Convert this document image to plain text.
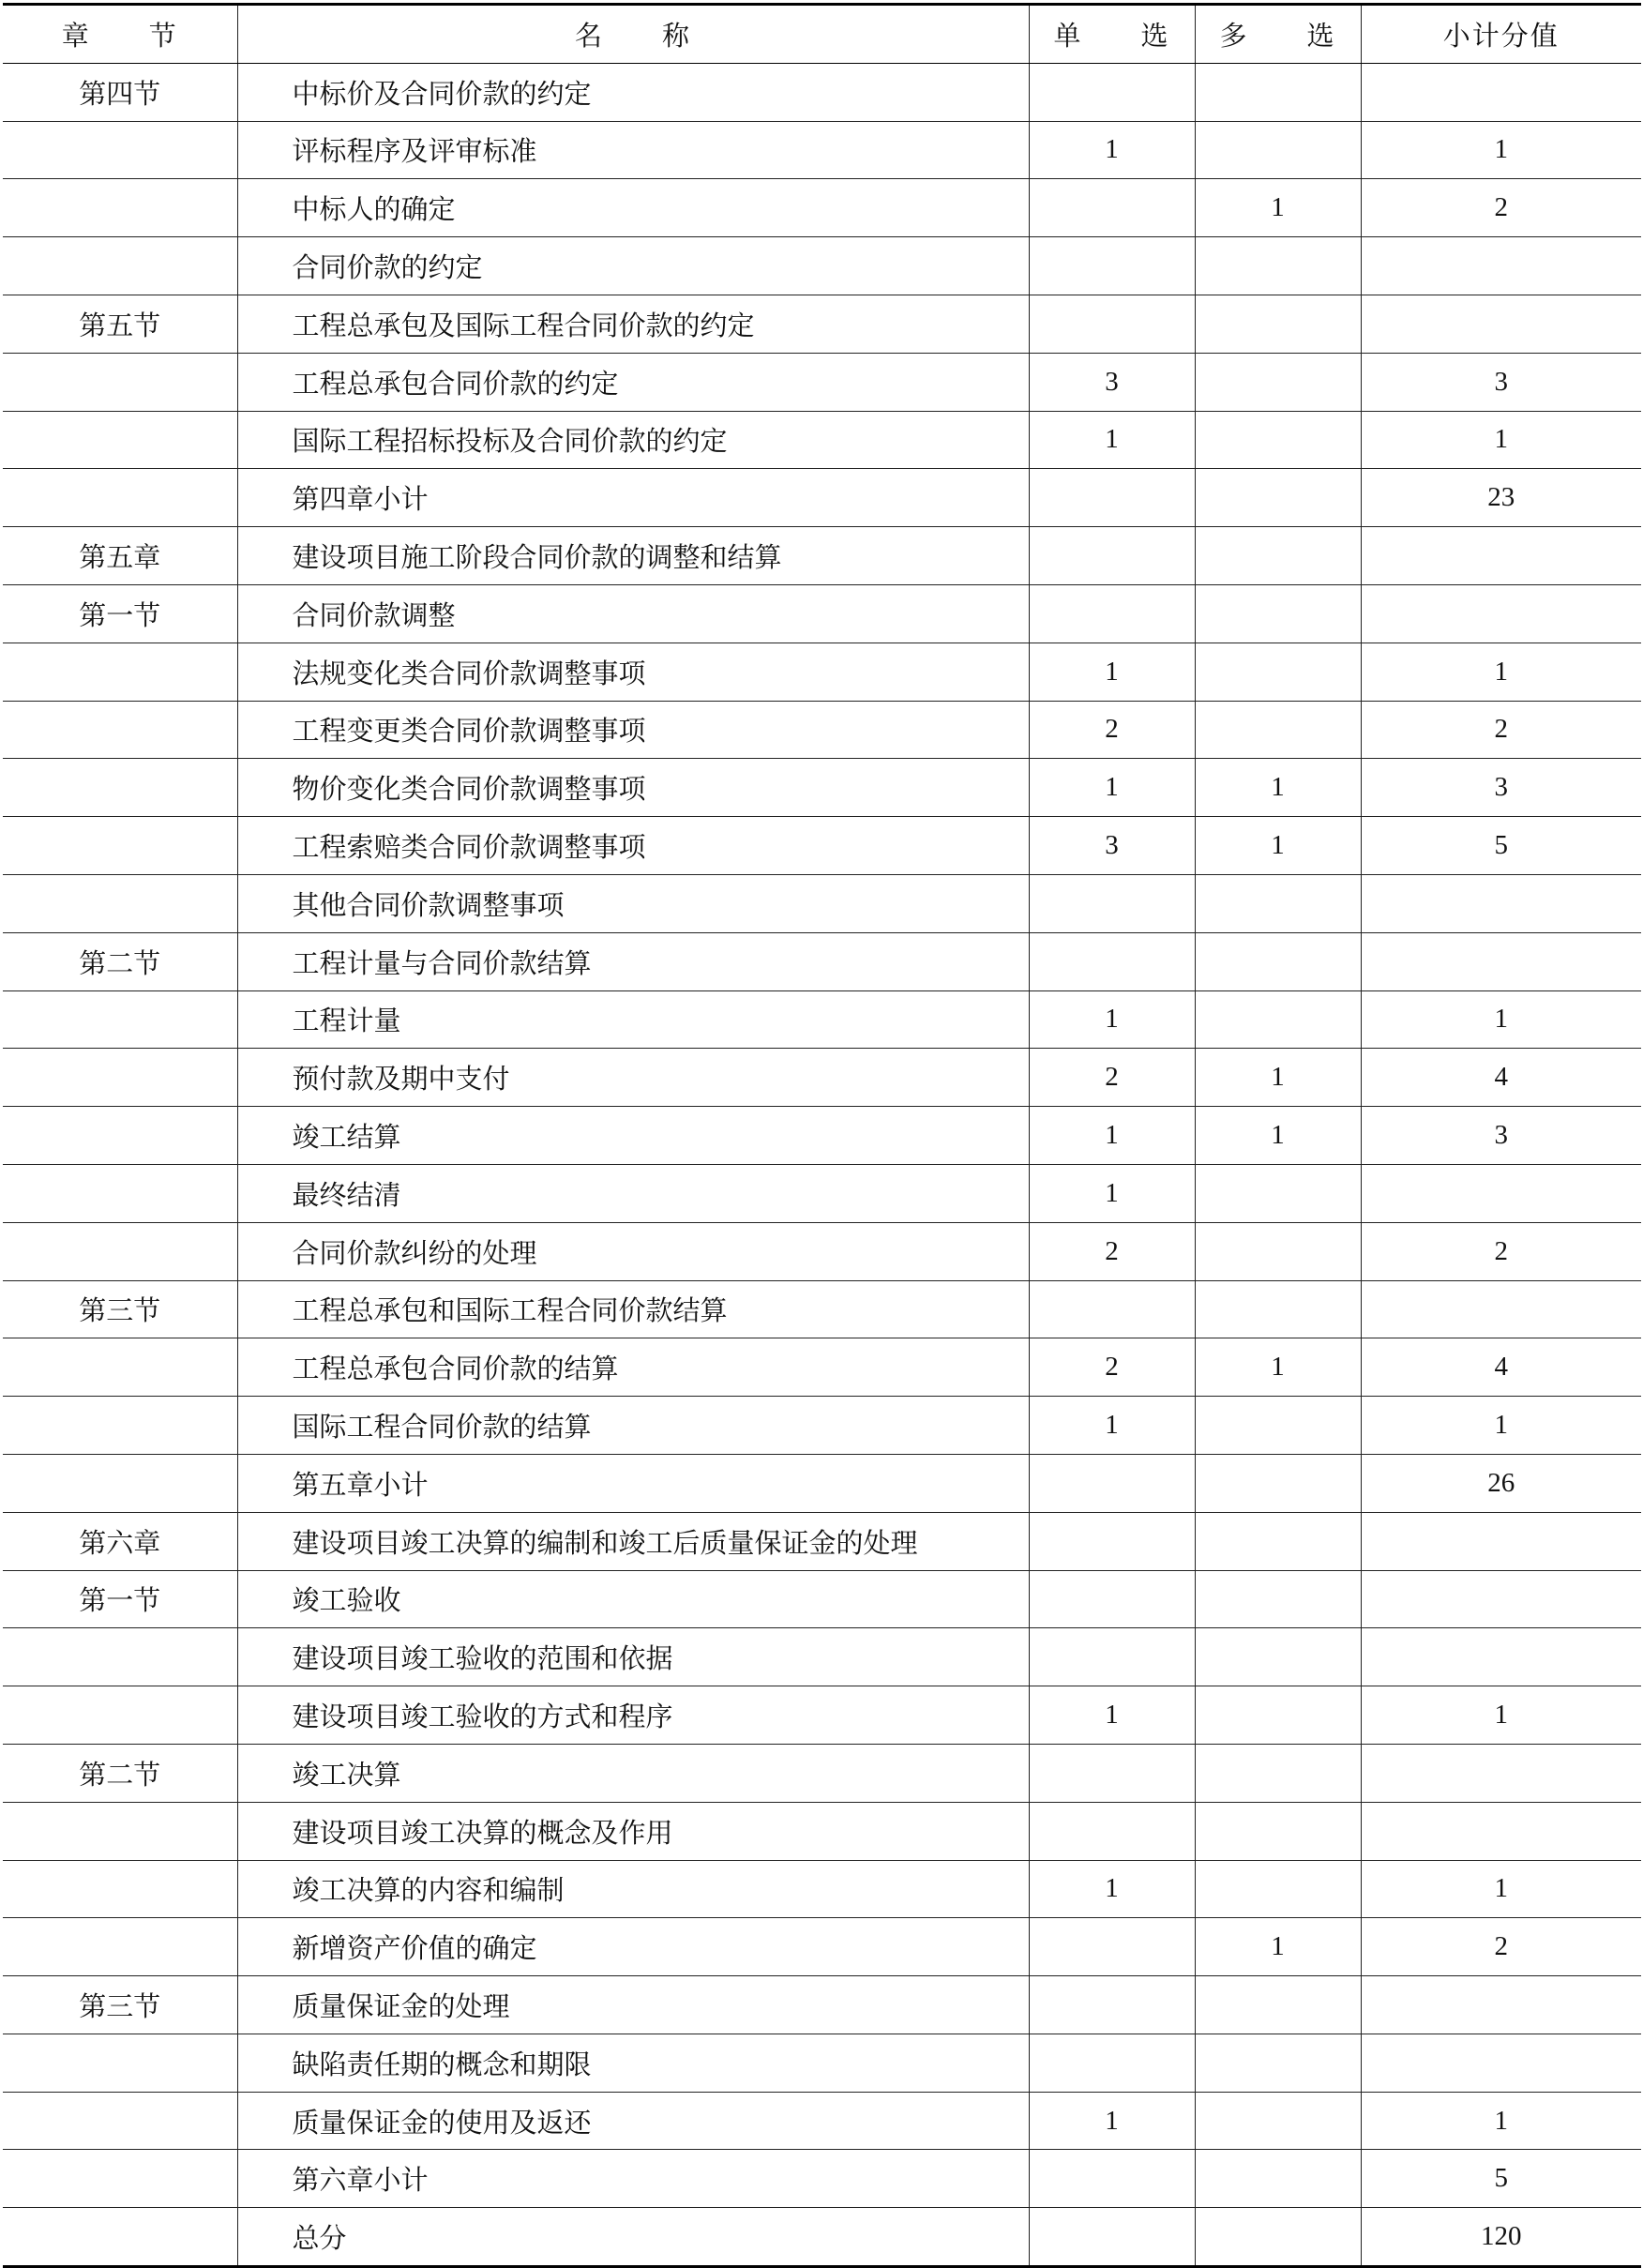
章　　节	名　　称	单　　选	多　　选	小计分值
第四节	中标价及合同价款的约定			
	评标程序及评审标准	1		1
	中标人的确定		1	2
	合同价款的约定			
第五节	工程总承包及国际工程合同价款的约定			
	工程总承包合同价款的约定	3		3
	国际工程招标投标及合同价款的约定	1		1
	第四章小计			23
第五章	建设项目施工阶段合同价款的调整和结算			
第一节	合同价款调整			
	法规变化类合同价款调整事项	1		1
	工程变更类合同价款调整事项	2		2
	物价变化类合同价款调整事项	1	1	3
	工程索赔类合同价款调整事项	3	1	5
	其他合同价款调整事项			
第二节	工程计量与合同价款结算			
	工程计量	1		1
	预付款及期中支付	2	1	4
	竣工结算	1	1	3
	最终结清	1		
	合同价款纠纷的处理	2		2
第三节	工程总承包和国际工程合同价款结算			
	工程总承包合同价款的结算	2	1	4
	国际工程合同价款的结算	1		1
	第五章小计			26
第六章	建设项目竣工决算的编制和竣工后质量保证金的处理			
第一节	竣工验收			
	建设项目竣工验收的范围和依据			
	建设项目竣工验收的方式和程序	1		1
第二节	竣工决算			
	建设项目竣工决算的概念及作用			
	竣工决算的内容和编制	1		1
	新增资产价值的确定		1	2
第三节	质量保证金的处理			
	缺陷责任期的概念和期限			
	质量保证金的使用及返还	1		1
	第六章小计			5
	总分			120
